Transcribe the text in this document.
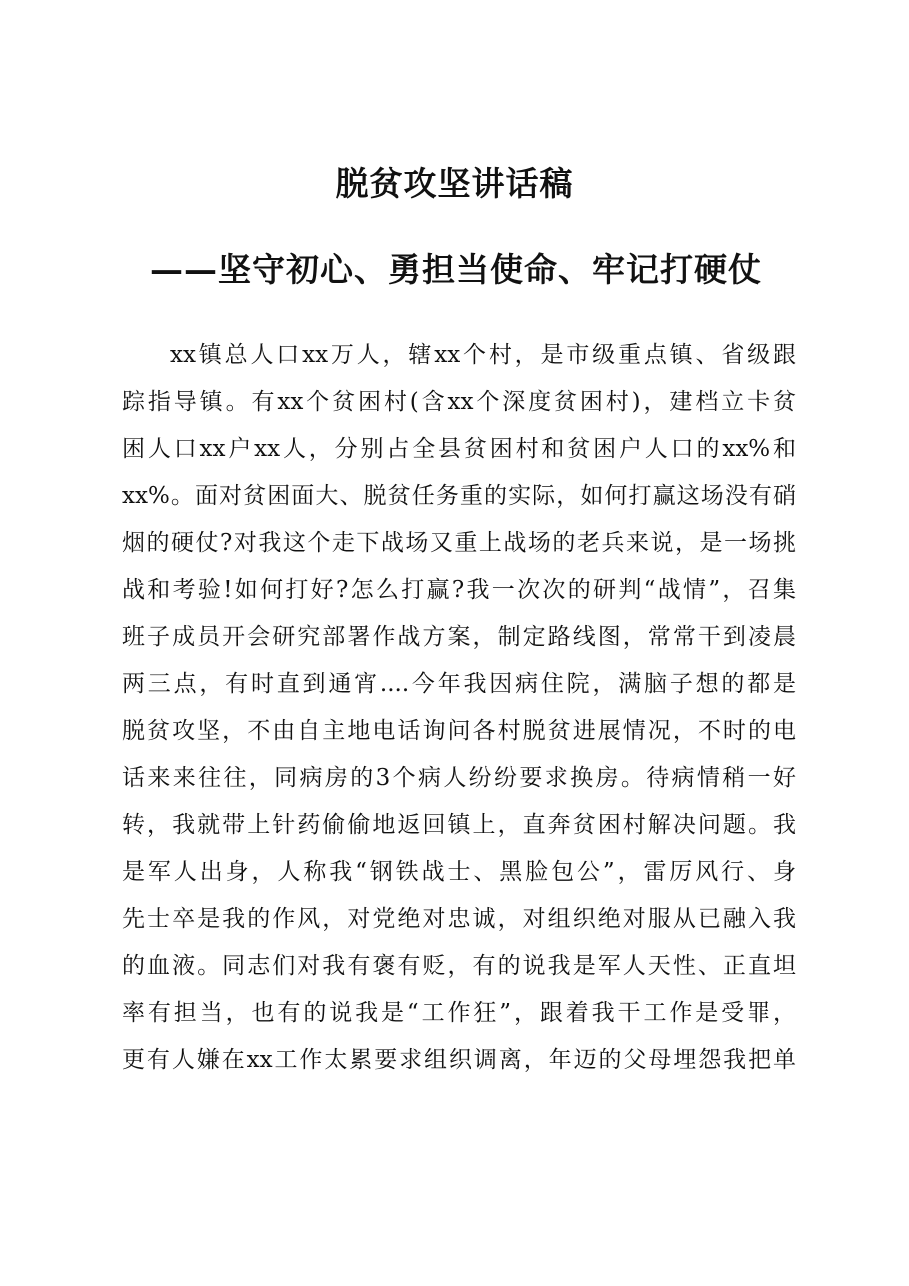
脱贫攻坚讲话稿
——坚守初心、勇担当使命、牢记打硬仗
xx镇总人口xx万人，辖xx个村，是市级重点镇、省级跟
踪指导镇。有xx个贫困村(含xx个深度贫困村)，建档立卡贫
困人口xx户xx人，分别占全县贫困村和贫困户人口的xx%和
xx%。面对贫困面大、脱贫任务重的实际，如何打赢这场没有硝
烟的硬仗?对我这个走下战场又重上战场的老兵来说，是一场挑
战和考验!如何打好?怎么打赢?我一次次的研判“战情”，召集
班子成员开会研究部署作战方案，制定路线图，常常干到凌晨
两三点，有时直到通宵....今年我因病住院，满脑子想的都是
脱贫攻坚，不由自主地电话询问各村脱贫进展情况，不时的电
话来来往往，同病房的3个病人纷纷要求换房。待病情稍一好
转，我就带上针药偷偷地返回镇上，直奔贫困村解决问题。我
是军人出身，人称我“钢铁战士、黑脸包公”，雷厉风行、身
先士卒是我的作风，对党绝对忠诚，对组织绝对服从已融入我
的血液。同志们对我有褒有贬，有的说我是军人天性、正直坦
率有担当，也有的说我是“工作狂”，跟着我干工作是受罪，
更有人嫌在xx工作太累要求组织调离，年迈的父母埋怨我把单
